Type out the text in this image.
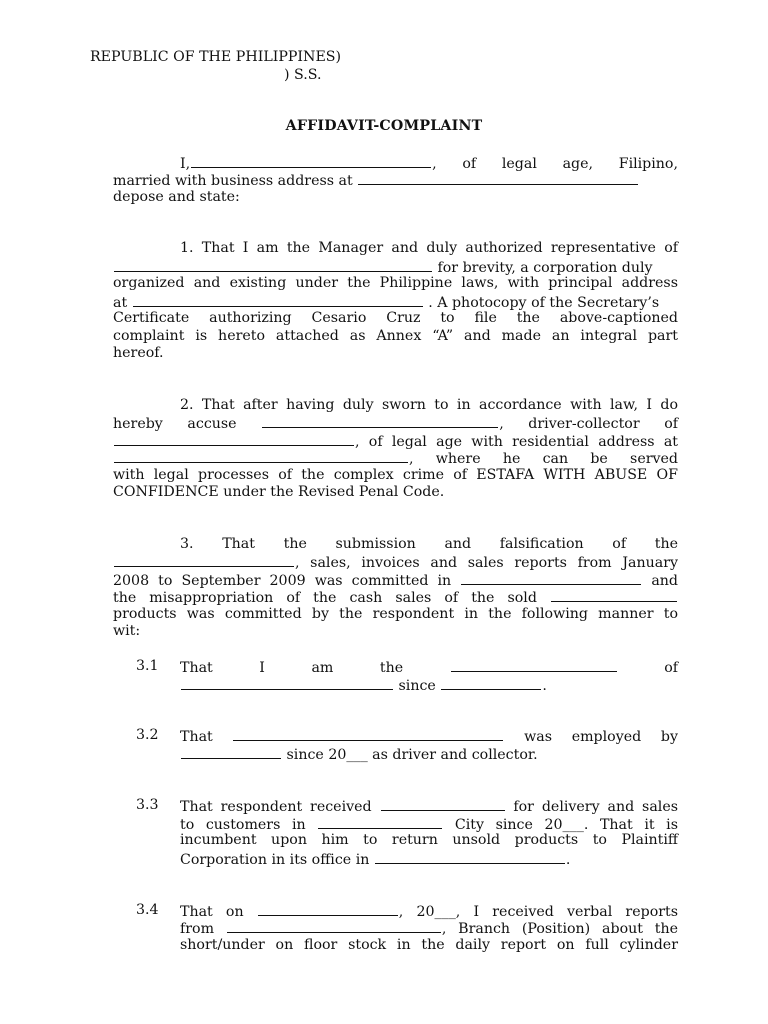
REPUBLIC OF THE PHILIPPINES)
) S.S.
AFFIDAVIT-COMPLAINT
I,	, of legal age, Filipino,
married with business address at
depose and state:
1. That I am the Manager and duly authorized representative of
for brevity, a corporation duly
organized and existing under the Philippine laws, with principal address
at	. A photocopy of the Secretary’s
Certificate authorizing Cesario Cruz to file the above-captioned
complaint is hereto attached as Annex “A” and made an integral part
hereof.
2. That after having duly sworn to in accordance with law, I do
hereby accuse	, driver-collector of
, of legal age with residential address at
, where he can be served
with legal processes of the complex crime of ESTAFA WITH ABUSE OF
CONFIDENCE under the Revised Penal Code.
3. That the submission and falsification of the
, sales, invoices and sales reports from January
2008 to September 2009 was committed in	and
the misappropriation of the cash sales of the sold
products was committed by the respondent in the following manner to
wit:
3.1 That	I	am	the	of
since	.
3.2 That	was employed by
since 20___ as driver and collector.
3.3 That respondent received	for delivery and sales
to customers in	City since 20___. That it is
incumbent upon him to return unsold products to Plaintiff
Corporation in its office in	.
3.4 That on	, 20___, I received verbal reports
from	, Branch (Position) about the
short/under on floor stock in the daily report on full cylinder
